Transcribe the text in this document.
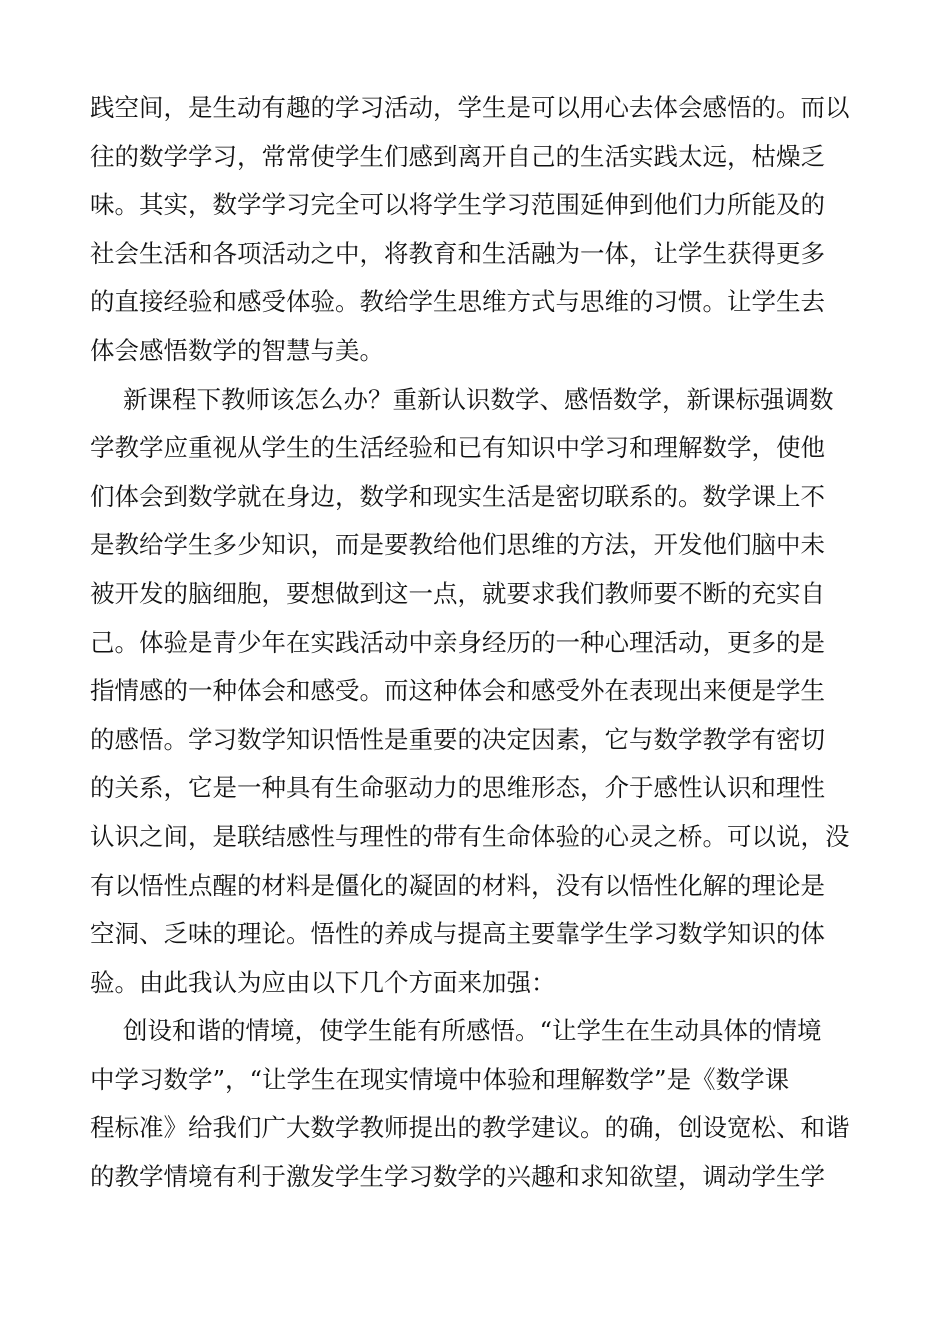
践空间，是生动有趣的学习活动，学生是可以用心去体会感悟的。而以
往的数学学习，常常使学生们感到离开自己的生活实践太远，枯燥乏
味。其实，数学学习完全可以将学生学习范围延伸到他们力所能及的
社会生活和各项活动之中，将教育和生活融为一体，让学生获得更多
的直接经验和感受体验。教给学生思维方式与思维的习惯。让学生去
体会感悟数学的智慧与美。
新课程下教师该怎么办？重新认识数学、感悟数学，新课标强调数
学教学应重视从学生的生活经验和已有知识中学习和理解数学，使他
们体会到数学就在身边，数学和现实生活是密切联系的。数学课上不
是教给学生多少知识，而是要教给他们思维的方法，开发他们脑中未
被开发的脑细胞，要想做到这一点，就要求我们教师要不断的充实自
己。体验是青少年在实践活动中亲身经历的一种心理活动，更多的是
指情感的一种体会和感受。而这种体会和感受外在表现出来便是学生
的感悟。学习数学知识悟性是重要的决定因素，它与数学教学有密切
的关系，它是一种具有生命驱动力的思维形态，介于感性认识和理性
认识之间，是联结感性与理性的带有生命体验的心灵之桥。可以说，没
有以悟性点醒的材料是僵化的凝固的材料，没有以悟性化解的理论是
空洞、乏味的理论。悟性的养成与提高主要靠学生学习数学知识的体
验。由此我认为应由以下几个方面来加强：
创设和谐的情境，使学生能有所感悟。“让学生在生动具体的情境
中学习数学”，“让学生在现实情境中体验和理解数学”是《数学课
程标准》给我们广大数学教师提出的教学建议。的确，创设宽松、和谐
的教学情境有利于激发学生学习数学的兴趣和求知欲望，调动学生学
